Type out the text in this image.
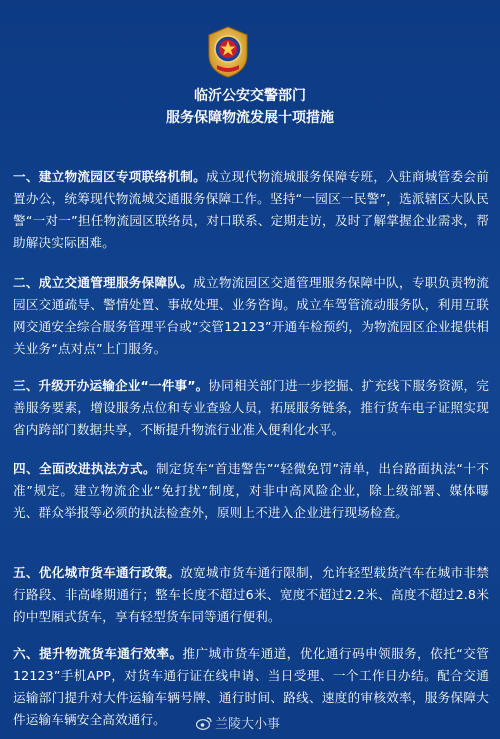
临沂公安交警部门
服务保障物流发展十项措施
一、建立物流园区专项联络机制。成立现代物流城服务保障专班，入驻商城管委会前置办公，统筹现代物流城交通服务保障工作。坚持“一园区一民警”，选派辖区大队民警“一对一”担任物流园区联络员，对口联系、定期走访，及时了解掌握企业需求，帮助解决实际困难。
二、成立交通管理服务保障队。成立物流园区交通管理服务保障中队，专职负责物流园区交通疏导、警情处置、事故处理、业务咨询。成立车驾管流动服务队，利用互联网交通安全综合服务管理平台或“交管12123”开通车检预约，为物流园区企业提供相关业务“点对点”上门服务。
三、升级开办运输企业“一件事”。协同相关部门进一步挖掘、扩充线下服务资源，完善服务要素，增设服务点位和专业查验人员，拓展服务链条，推行货车电子证照实现省内跨部门数据共享，不断提升物流行业准入便利化水平。
四、全面改进执法方式。制定货车“首违警告”“轻微免罚”清单，出台路面执法“十不准”规定。建立物流企业“免打扰”制度，对非中高风险企业，除上级部署、媒体曝光、群众举报等必须的执法检查外，原则上不进入企业进行现场检查。
五、优化城市货车通行政策。放宽城市货车通行限制，允许轻型载货汽车在城市非禁行路段、非高峰期通行；整车长度不超过6米、宽度不超过2.2米、高度不超过2.8米的中型厢式货车，享有轻型货车同等通行便利。
六、提升物流货车通行效率。推广城市货车通道，优化通行码申领服务，依托“交管12123”手机APP，对货车通行证在线申请、当日受理、一个工作日办结。配合交通运输部门提升对大件运输车辆号牌、通行时间、路线、速度的审核效率，服务保障大件运输车辆安全高效通行。	兰陵大小事
